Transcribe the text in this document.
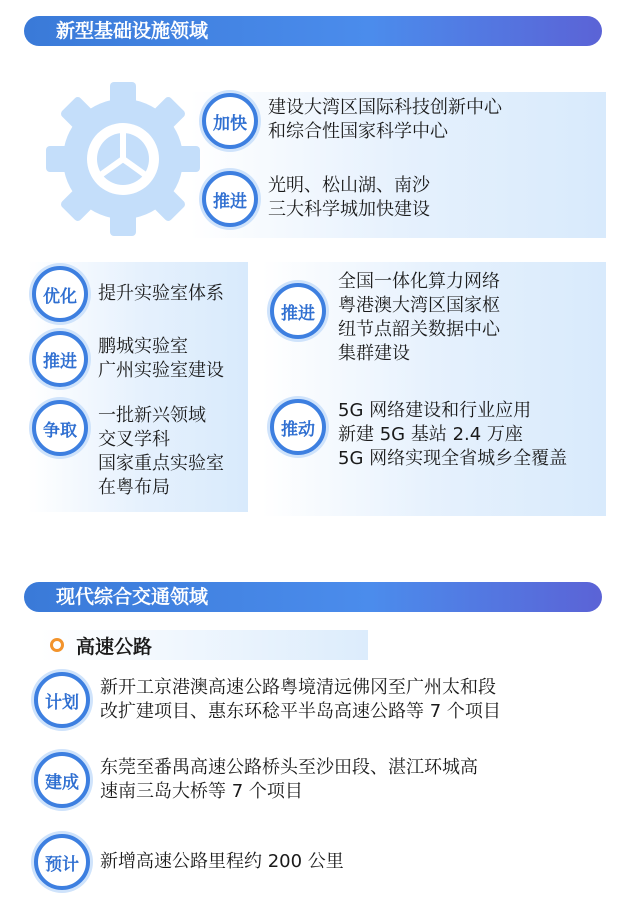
新型基础设施领域
加快
建设大湾区国际科技创新中心
和综合性国家科学中心
推进
光明、松山湖、南沙
三大科学城加快建设
优化 提升实验室体系
推进
鹏城实验室
广州实验室建设
争取
一批新兴领域
交叉学科
国家重点实验室
在粤布局
推进
全国一体化算力网络
粤港澳大湾区国家枢
纽节点韶关数据中心
集群建设
推动
5G 网络建设和行业应用
新建 5G 基站 2.4 万座
5G 网络实现全省城乡全覆盖
现代综合交通领域
高速公路
计划
新开工京港澳高速公路粤境清远佛冈至广州太和段
改扩建项目、惠东环稔平半岛高速公路等 7 个项目
建成
东莞至番禺高速公路桥头至沙田段、湛江环城高
速南三岛大桥等 7 个项目
预计 新增高速公路里程约 200 公里
